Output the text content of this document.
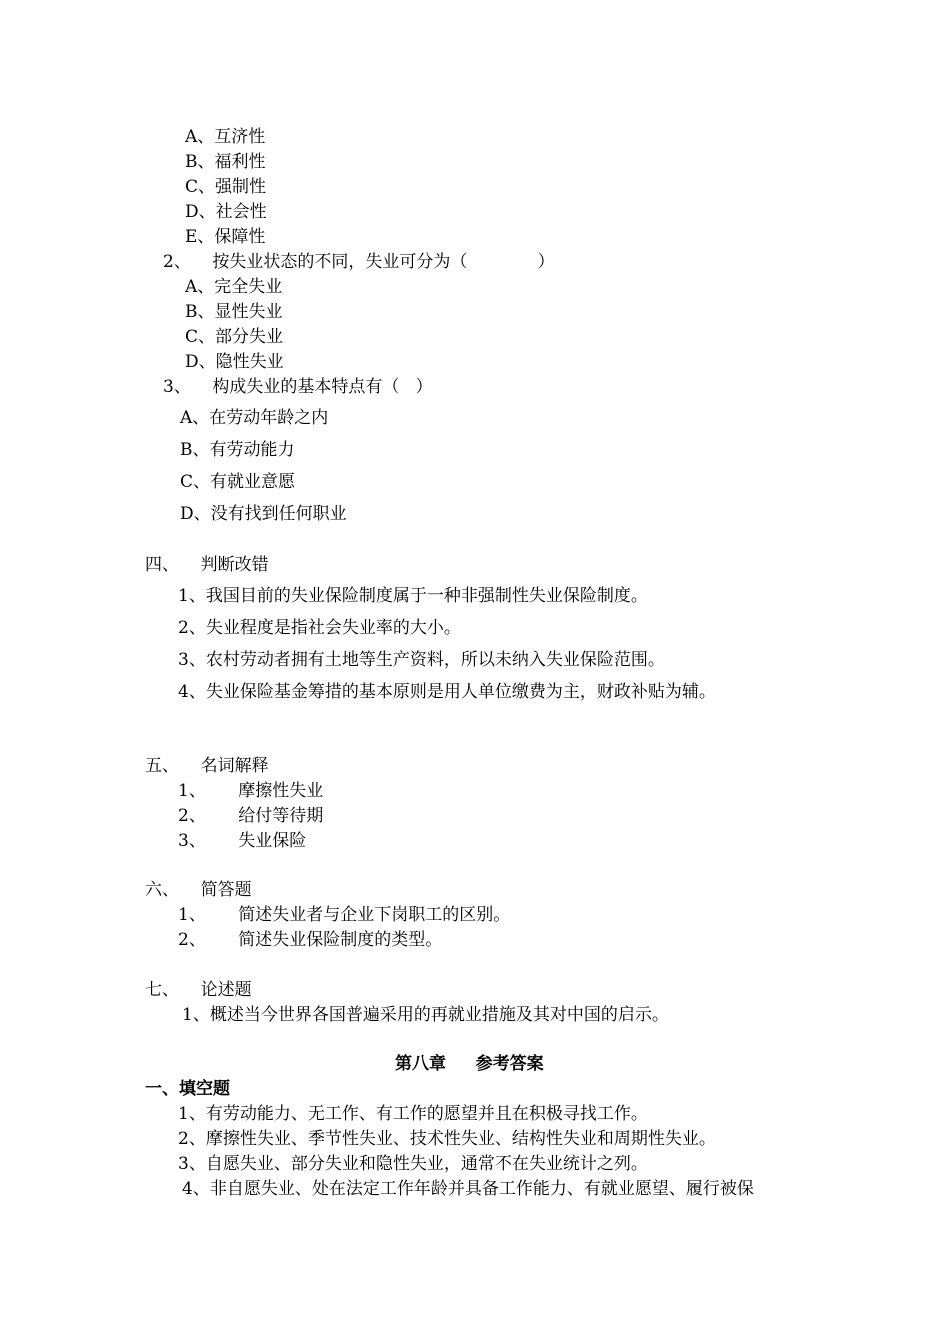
A、互济性
B、福利性
C、强制性
D、社会性
E、保障性
2、    按失业状态的不同，失业可分为（             ）
A、完全失业
B、显性失业
C、部分失业
D、隐性失业
3、    构成失业的基本特点有（   ）
A、在劳动年龄之内
B、有劳动能力
C、有就业意愿
D、没有找到任何职业
四、    判断改错
1、我国目前的失业保险制度属于一种非强制性失业保险制度。
2、失业程度是指社会失业率的大小。
3、农村劳动者拥有土地等生产资料，所以未纳入失业保险范围。
4、失业保险基金筹措的基本原则是用人单位缴费为主，财政补贴为辅。
五、    名词解释
1、      摩擦性失业
2、      给付等待期
3、      失业保险
六、    简答题
1、      简述失业者与企业下岗职工的区别。
2、      简述失业保险制度的类型。
七、    论述题
1、概述当今世界各国普遍采用的再就业措施及其对中国的启示。
第八章     参考答案
一、填空题
1、有劳动能力、无工作、有工作的愿望并且在积极寻找工作。
2、摩擦性失业、季节性失业、技术性失业、结构性失业和周期性失业。
3、自愿失业、部分失业和隐性失业，通常不在失业统计之列。
4、非自愿失业、处在法定工作年龄并具备工作能力、有就业愿望、履行被保
